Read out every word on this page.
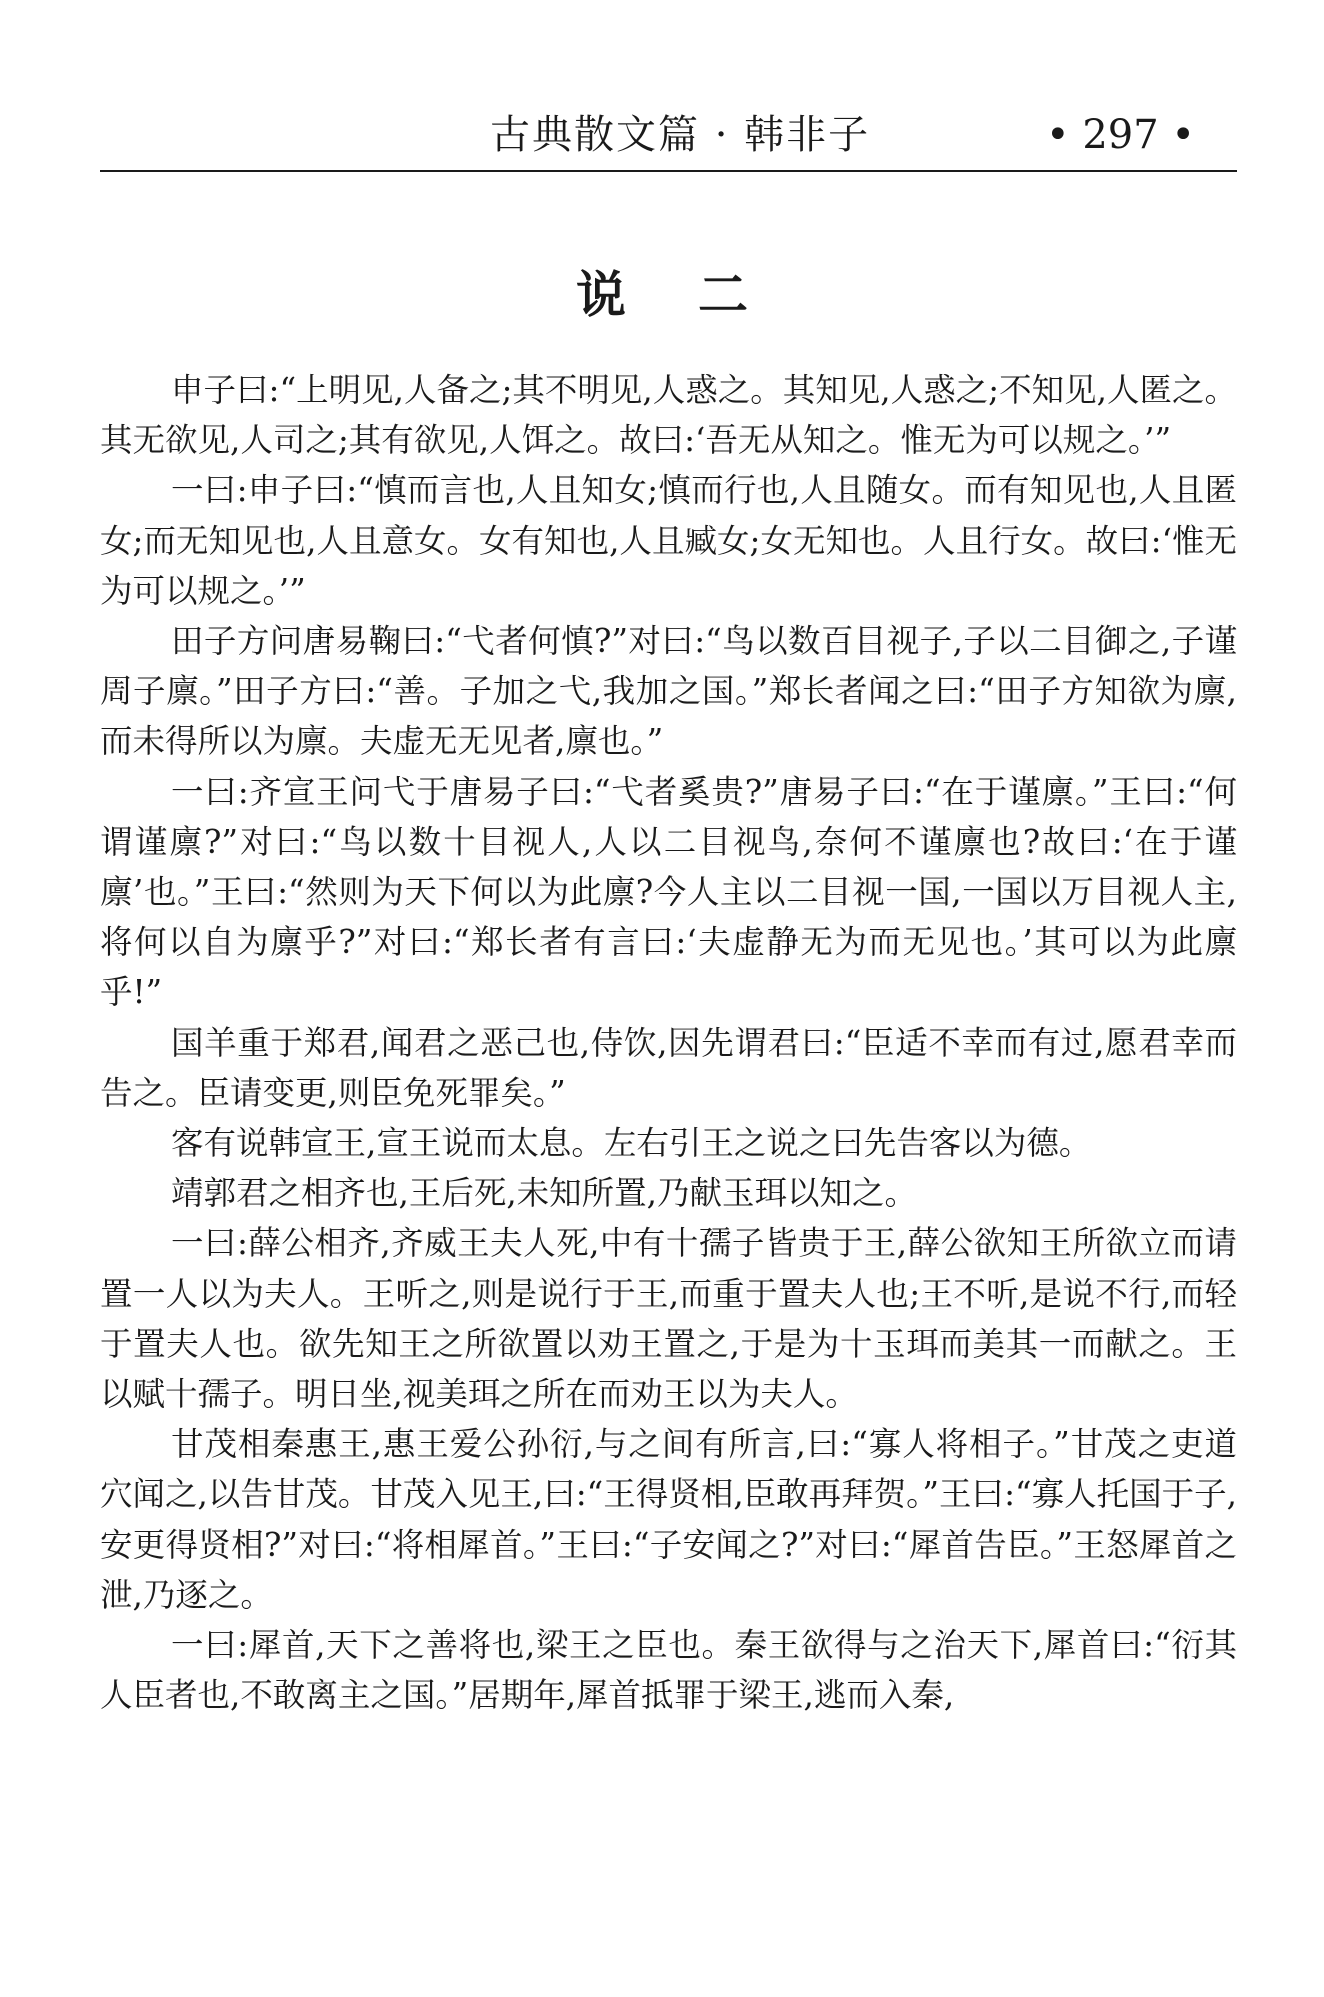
古典散文篇 · 韩非子	• 297 •
说二

申子曰:“上明见,人备之;其不明见,人惑之。其知见,人惑之;不知见,人匿之。其无欲见,人司之;其有欲见,人饵之。故曰:‘吾无从知之。惟无为可以规之。’”

一曰:申子曰:“慎而言也,人且知女;慎而行也,人且随女。而有知见也,人且匿女;而无知见也,人且意女。女有知也,人且臧女;女无知也。人且行女。故曰:‘惟无为可以规之。’”

田子方问唐易鞠曰:“弋者何慎?”对曰:“鸟以数百目视子,子以二目御之,子谨周子廪。”田子方曰:“善。子加之弋,我加之国。”郑长者闻之曰:“田子方知欲为廪,而未得所以为廪。夫虚无无见者,廪也。”

一曰:齐宣王问弋于唐易子曰:“弋者奚贵?”唐易子曰:“在于谨廪。”王曰:“何谓谨廪?”对曰:“鸟以数十目视人,人以二目视鸟,奈何不谨廪也?故曰:‘在于谨廪’也。”王曰:“然则为天下何以为此廪?今人主以二目视一国,一国以万目视人主,将何以自为廪乎?”对曰:“郑长者有言曰:‘夫虚静无为而无见也。’其可以为此廪乎!”

国羊重于郑君,闻君之恶己也,侍饮,因先谓君曰:“臣适不幸而有过,愿君幸而告之。臣请变更,则臣免死罪矣。”

客有说韩宣王,宣王说而太息。左右引王之说之曰先告客以为德。

靖郭君之相齐也,王后死,未知所置,乃献玉珥以知之。

一曰:薛公相齐,齐威王夫人死,中有十孺子皆贵于王,薛公欲知王所欲立而请置一人以为夫人。王听之,则是说行于王,而重于置夫人也;王不听,是说不行,而轻于置夫人也。欲先知王之所欲置以劝王置之,于是为十玉珥而美其一而献之。王以赋十孺子。明日坐,视美珥之所在而劝王以为夫人。

甘茂相秦惠王,惠王爱公孙衍,与之间有所言,曰:“寡人将相子。”甘茂之吏道穴闻之,以告甘茂。甘茂入见王,曰:“王得贤相,臣敢再拜贺。”王曰:“寡人托国于子,安更得贤相?”对曰:“将相犀首。”王曰:“子安闻之?”对曰:“犀首告臣。”王怒犀首之泄,乃逐之。

一曰:犀首,天下之善将也,梁王之臣也。秦王欲得与之治天下,犀首曰:“衍其人臣者也,不敢离主之国。”居期年,犀首抵罪于梁王,逃而入秦,
